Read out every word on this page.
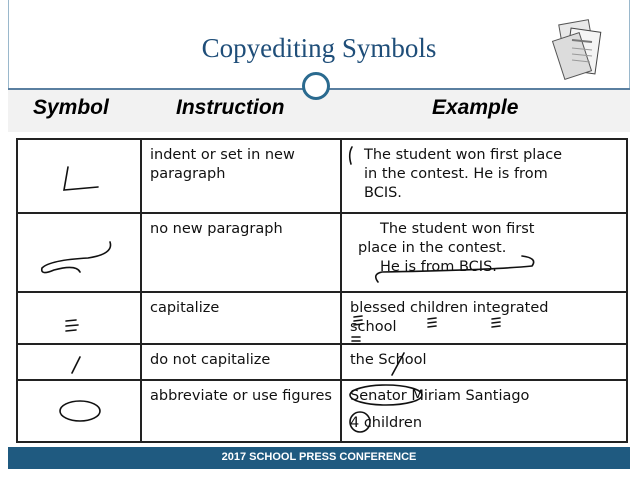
Copyediting Symbols
Symbol	Instruction	Example
	indent or set in new paragraph	The student won first place
in the contest. He is from
BCIS.

	no new paragraph	The student won first
place in the contest.
He is from BCIS.

	capitalize	blessed children integrated
school

	do not capitalize	the School

	abbreviate or use figures	Senator Miriam Santiago
4 children
2017 SCHOOL PRESS CONFERENCE
